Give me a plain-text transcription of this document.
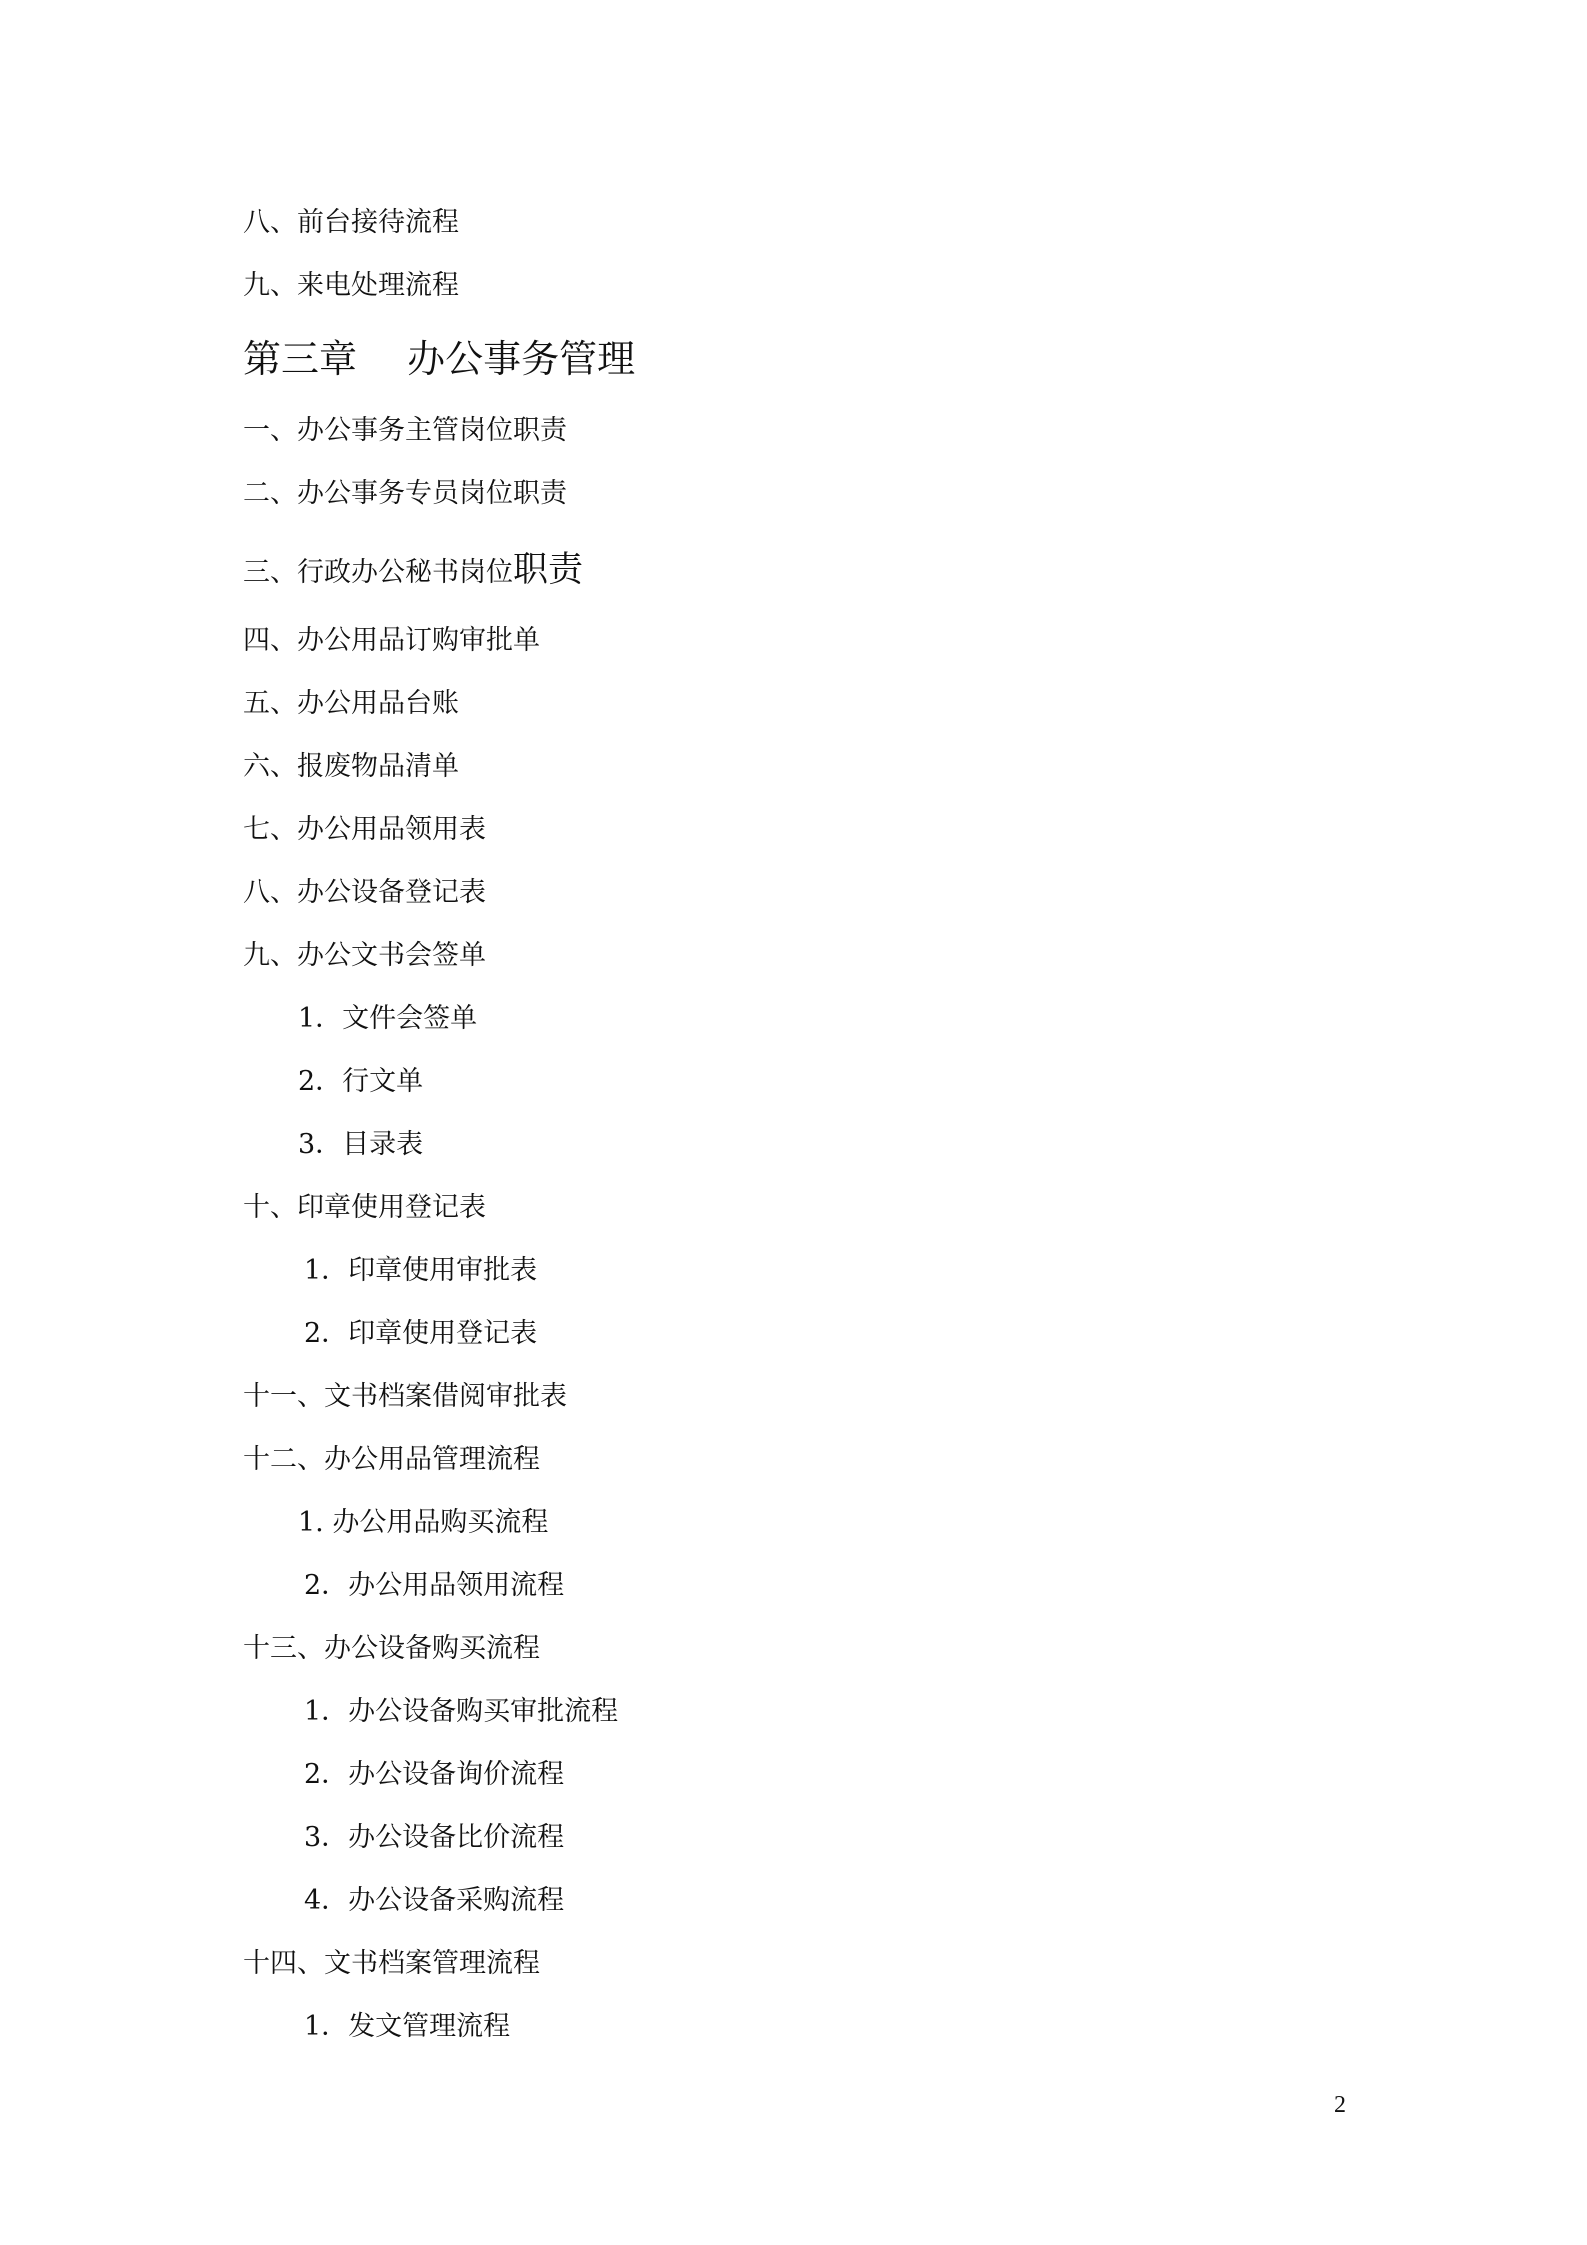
八、前台接待流程
九、来电处理流程
第三章　 办公事务管理
一、办公事务主管岗位职责
二、办公事务专员岗位职责
三、行政办公秘书岗位职责
四、办公用品订购审批单
五、办公用品台账
六、报废物品清单
七、办公用品领用表
八、办公设备登记表
九、办公文书会签单
1．文件会签单
2．行文单
3．目录表
十、印章使用登记表
1．印章使用审批表
2．印章使用登记表
十一、文书档案借阅审批表
十二、办公用品管理流程
1. 办公用品购买流程
2．办公用品领用流程
十三、办公设备购买流程
1．办公设备购买审批流程
2．办公设备询价流程
3．办公设备比价流程
4．办公设备采购流程
十四、文书档案管理流程
1．发文管理流程
2
